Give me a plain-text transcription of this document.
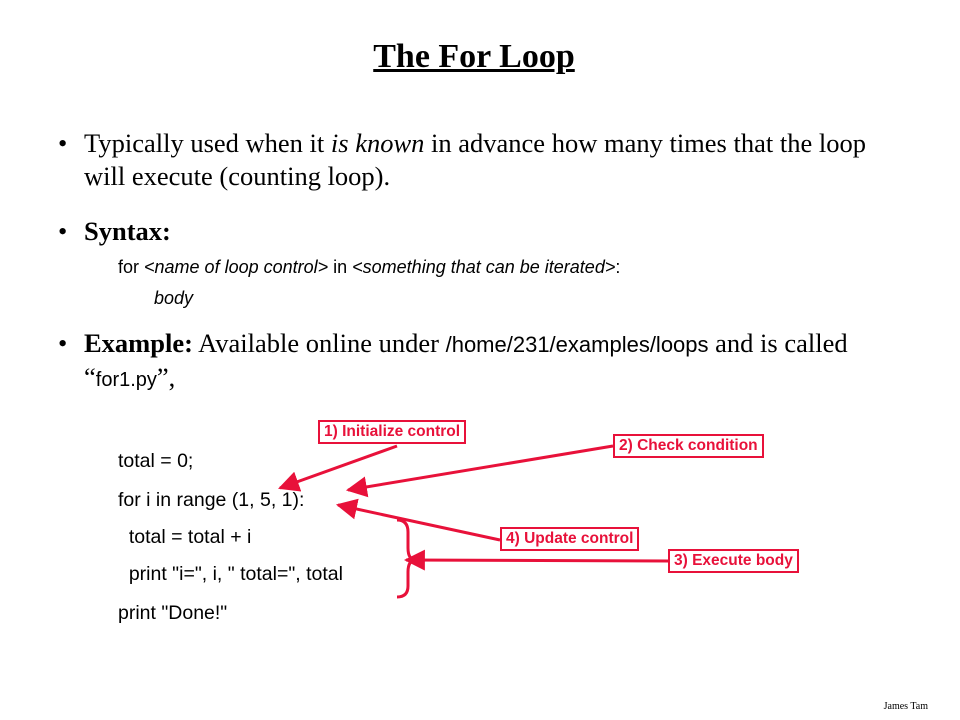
The For Loop
• Typically used when it is known in advance how many times that the loop will execute (counting loop).
• Syntax:
for <name of loop control> in <something that can be iterated>:
body
• Example: Available online under /home/231/examples/loops and is called “for1.py”,
total = 0;
for i in range (1, 5, 1):
total = total + i
print "i=", i, " total=", total
print "Done!"
1) Initialize control
2) Check condition
4) Update control
3) Execute body
James Tam
